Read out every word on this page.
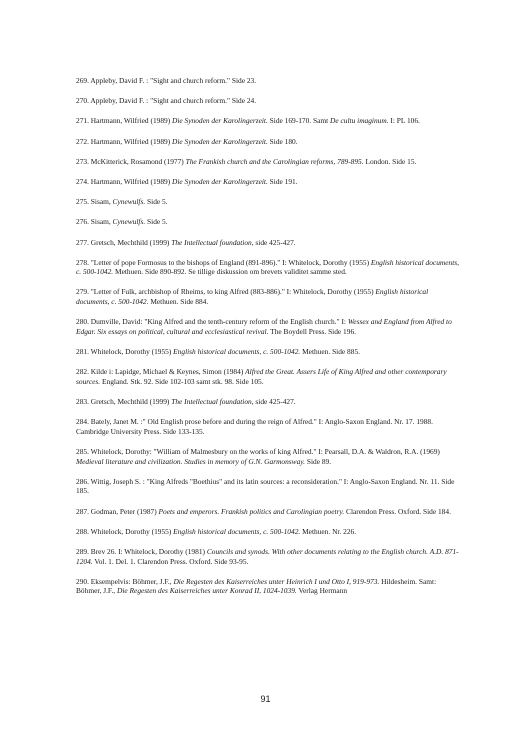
269. Appleby, David F. : "Sight and church reform." Side 23.

270. Appleby, David F. : "Sight and church reform." Side 24.

271. Hartmann, Wilfried (1989) Die Synoden der Karolingerzeit. Side 169-170. Samt De cultu imaginum. I: PL 106.

272. Hartmann, Wilfried (1989) Die Synoden der Karolingerzeit. Side 180.

273. McKitterick, Rosamond (1977) The Frankish church and the Carolingian reforms, 789-895. London. Side 15.

274. Hartmann, Wilfried (1989) Die Synoden der Karolingerzeit. Side 191.

275. Sisam, Cynewulfs. Side 5.

276. Sisam, Cynewulfs. Side 5.

277. Gretsch, Mechthild (1999) The Intellectual foundation, side 425-427.

278. "Letter of pope Formosus to the bishops of England (891-896)." I: Whitelock, Dorothy (1955) English historical documents, c. 500-1042. Methuen. Side 890-892. Se tillige diskussion om brevets validitet samme sted.

279. "Letter of Fulk, archbishop of Rheims, to king Alfred (883-886)." I: Whitelock, Dorothy (1955) English historical documents, c. 500-1042. Methuen. Side 884.

280. Dumville, David: "King Alfred and the tenth-century reform of the English church." I: Wessex and England from Alfred to Edgar. Six essays on political, cultural and ecclesiastical revival. The Boydell Press. Side 196.

281. Whitelock, Dorothy (1955) English historical documents, c. 500-1042. Methuen. Side 885.

282. Kilde i: Lapidge, Michael & Keynes, Simon (1984) Alfred the Great. Assers Life of King Alfred and other contemporary sources. England. Stk. 92. Side 102-103 samt stk. 98. Side 105.

283. Gretsch, Mechthild (1999) The Intellectual foundation, side 425-427.

284. Bately, Janet M. :" Old English prose before and during the reign of Alfred." I: Anglo-Saxon England. Nr. 17. 1988. Cambridge University Press. Side 133-135.

285. Whitelock, Dorothy: "William of Malmesbury on the works of king Alfred." I: Pearsall, D.A. & Waldron, R.A. (1969) Medieval literature and civilization. Studies in memory of G.N. Garmonsway. Side 89.

286. Wittig, Joseph S. : "King Alfreds "Boethius" and its latin sources: a reconsideration." I: Anglo-Saxon England. Nr. 11. Side 185.

287. Godman, Peter (1987) Poets and emperors. Frankish politics and Carolingian poetry. Clarendon Press. Oxford. Side 184.

288. Whitelock, Dorothy (1955) English historical documents, c. 500-1042. Methuen. Nr. 226.

289. Brev 26. I: Whitelock, Dorothy (1981) Councils and synods. With other documents relating to the English church. A.D. 871-1204. Vol. 1. Del. 1. Clarendon Press. Oxford. Side 93-95.

290. Eksempelvis: Böhmer, J.F., Die Regesten des Kaiserreiches unter Heinrich I und Otto I, 919-973. Hildesheim. Samt: Böhmer, J.F., Die Regesten des Kaiserreiches unter Konrad II, 1024-1039. Verlag Hermann

91
